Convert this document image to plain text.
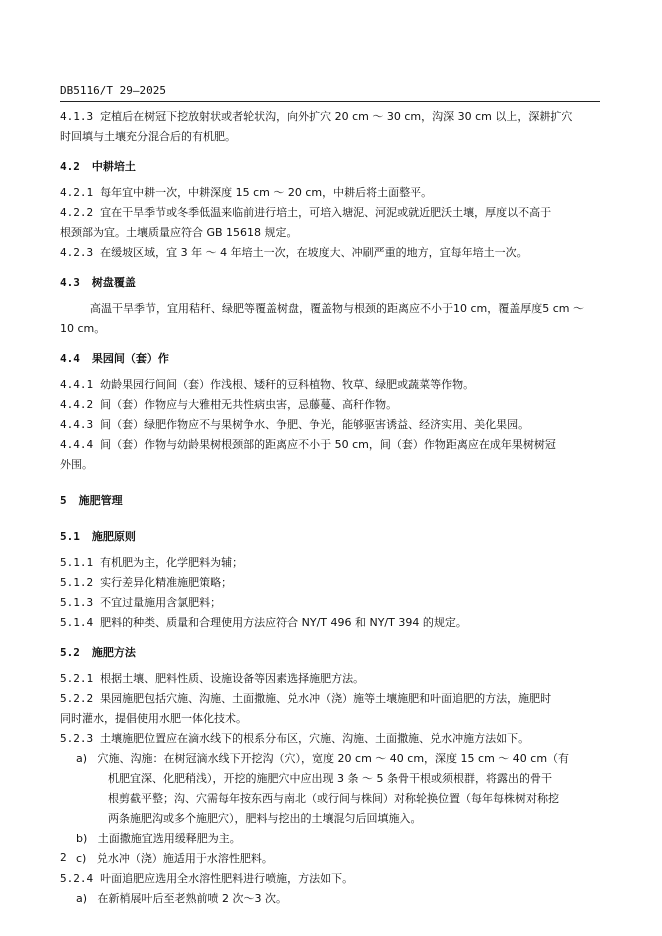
DB5116/T 29—2025
4.1.3 定植后在树冠下挖放射状或者轮状沟，向外扩穴 20 cm ～ 30 cm，沟深 30 cm 以上，深耕扩穴
时回填与土壤充分混合后的有机肥。
4.2 中耕培土
4.2.1 每年宜中耕一次，中耕深度 15 cm ～ 20 cm，中耕后将土面整平。
4.2.2 宜在干旱季节或冬季低温来临前进行培土，可培入塘泥、河泥或就近肥沃土壤，厚度以不高于
根颈部为宜。土壤质量应符合 GB 15618 规定。
4.2.3 在缓坡区域，宜 3 年 ～ 4 年培土一次，在坡度大、冲刷严重的地方，宜每年培土一次。
4.3 树盘覆盖
高温干旱季节，宜用秸秆、绿肥等覆盖树盘，覆盖物与根颈的距离应不小于10 cm，覆盖厚度5 cm ～
10 cm。
4.4 果园间（套）作
4.4.1 幼龄果园行间间（套）作浅根、矮秆的豆科植物、牧草、绿肥或蔬菜等作物。
4.4.2 间（套）作物应与大雅柑无共性病虫害，忌藤蔓、高秆作物。
4.4.3 间（套）绿肥作物应不与果树争水、争肥、争光，能够驱害诱益、经济实用、美化果园。
4.4.4 间（套）作物与幼龄果树根颈部的距离应不小于 50 cm，间（套）作物距离应在成年果树树冠
外围。
5 施肥管理
5.1 施肥原则
5.1.1 有机肥为主，化学肥料为辅；
5.1.2 实行差异化精准施肥策略；
5.1.3 不宜过量施用含氯肥料；
5.1.4 肥料的种类、质量和合理使用方法应符合 NY/T 496 和 NY/T 394 的规定。
5.2 施肥方法
5.2.1 根据土壤、肥料性质、设施设备等因素选择施肥方法。
5.2.2 果园施肥包括穴施、沟施、土面撒施、兑水冲（浇）施等土壤施肥和叶面追肥的方法，施肥时
同时灌水，提倡使用水肥一体化技术。
5.2.3 土壤施肥位置应在滴水线下的根系分布区，穴施、沟施、土面撒施、兑水冲施方法如下。
a) 穴施、沟施：在树冠滴水线下开挖沟（穴），宽度 20 cm ～ 40 cm，深度 15 cm ～ 40 cm（有
机肥宜深、化肥稍浅），开挖的施肥穴中应出现 3 条 ～ 5 条骨干根或须根群，将露出的骨干
根剪截平整；沟、穴需每年按东西与南北（或行间与株间）对称轮换位置（每年每株树对称挖
两条施肥沟或多个施肥穴），肥料与挖出的土壤混匀后回填施入。
b) 土面撒施宜选用缓释肥为主。
c) 兑水冲（浇）施适用于水溶性肥料。
5.2.4 叶面追肥应选用全水溶性肥料进行喷施，方法如下。
a) 在新梢展叶后至老熟前喷 2 次～3 次。
2
